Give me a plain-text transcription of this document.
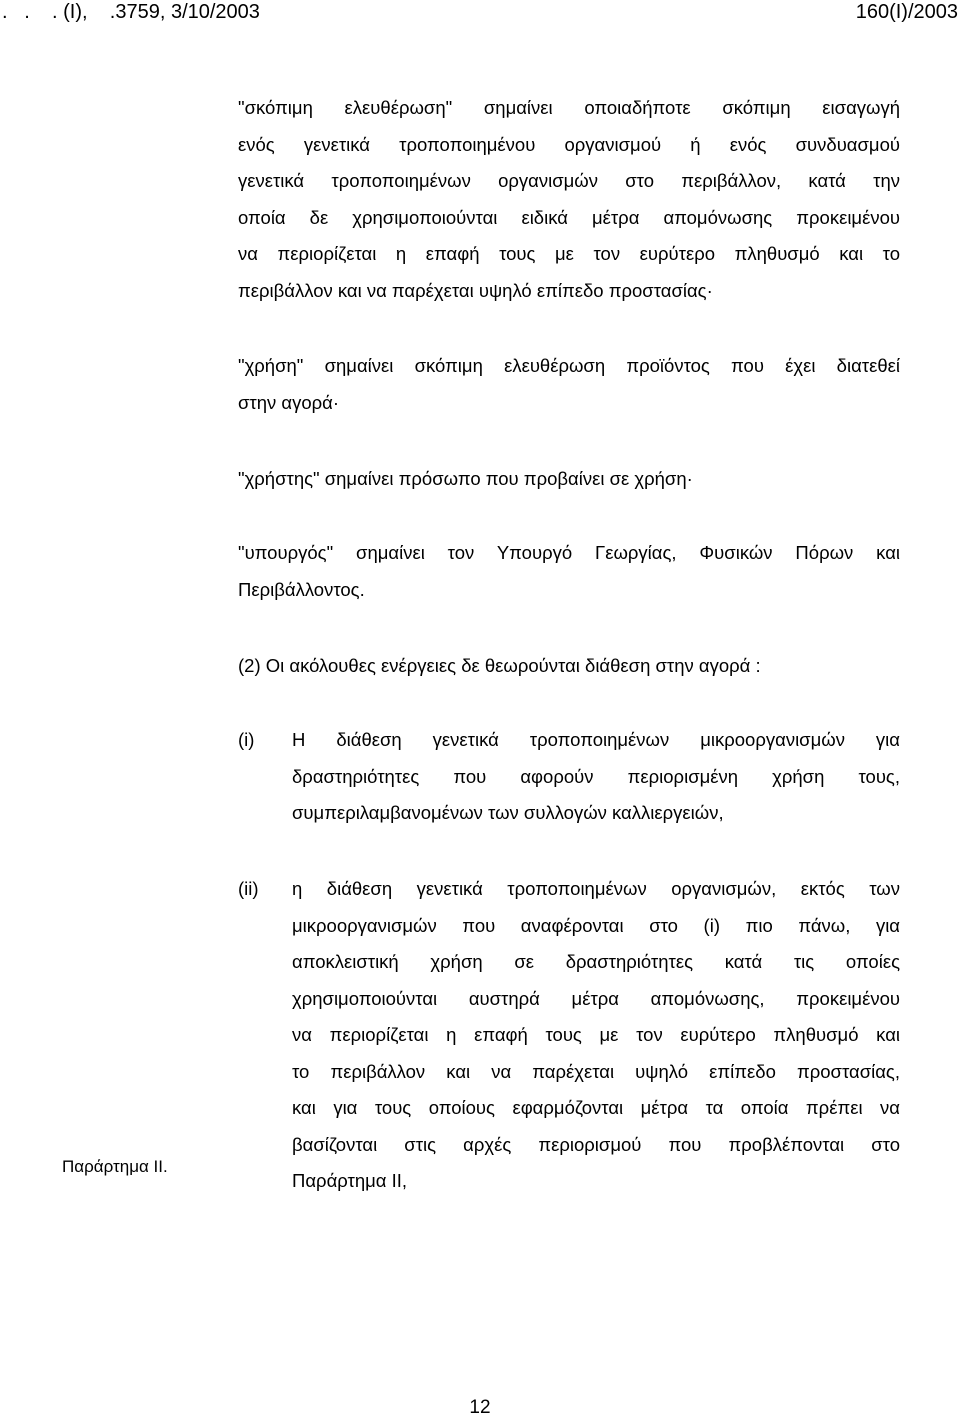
.   .    . (Ι),    .3759, 3/10/2003	160(Ι)/2003
"σκόπιμη ελευθέρωση" σημαίνει οποιαδήποτε σκόπιμη εισαγωγή
ενός γενετικά τροποποιημένου οργανισμού ή ενός συνδυασμού
γενετικά τροποποιημένων οργανισμών στο περιβάλλον, κατά την
οποία δε χρησιμοποιούνται ειδικά μέτρα απομόνωσης προκειμένου
να περιορίζεται η επαφή τους με τον ευρύτερο πληθυσμό και το
περιβάλλον και να παρέχεται υψηλό επίπεδο προστασίας·
"χρήση" σημαίνει σκόπιμη ελευθέρωση προϊόντος που έχει διατεθεί
στην αγορά·
"χρήστης" σημαίνει πρόσωπο που προβαίνει σε χρήση·
"υπουργός" σημαίνει τον Υπουργό Γεωργίας, Φυσικών Πόρων και
Περιβάλλοντος.
(2) Οι ακόλουθες ενέργειες δε θεωρούνται διάθεση στην αγορά :
(i) Η διάθεση γενετικά τροποποιημένων μικροοργανισμών για
δραστηριότητες που αφορούν περιορισμένη χρήση τους,
συμπεριλαμβανομένων των συλλογών καλλιεργειών,
(ii) η διάθεση γενετικά τροποποιημένων οργανισμών, εκτός των
μικροοργανισμών που αναφέρονται στο (i) πιο πάνω, για
αποκλειστική χρήση σε δραστηριότητες κατά τις οποίες
χρησιμοποιούνται αυστηρά μέτρα απομόνωσης, προκειμένου
να περιορίζεται η επαφή τους με τον ευρύτερο πληθυσμό και
το περιβάλλον και να παρέχεται υψηλό επίπεδο προστασίας,
και για τους οποίους εφαρμόζονται μέτρα τα οποία πρέπει να
βασίζονται στις αρχές περιορισμού που προβλέπονται στο
Παράρτημα ΙΙ,
Παράρτημα ΙΙ.
12
